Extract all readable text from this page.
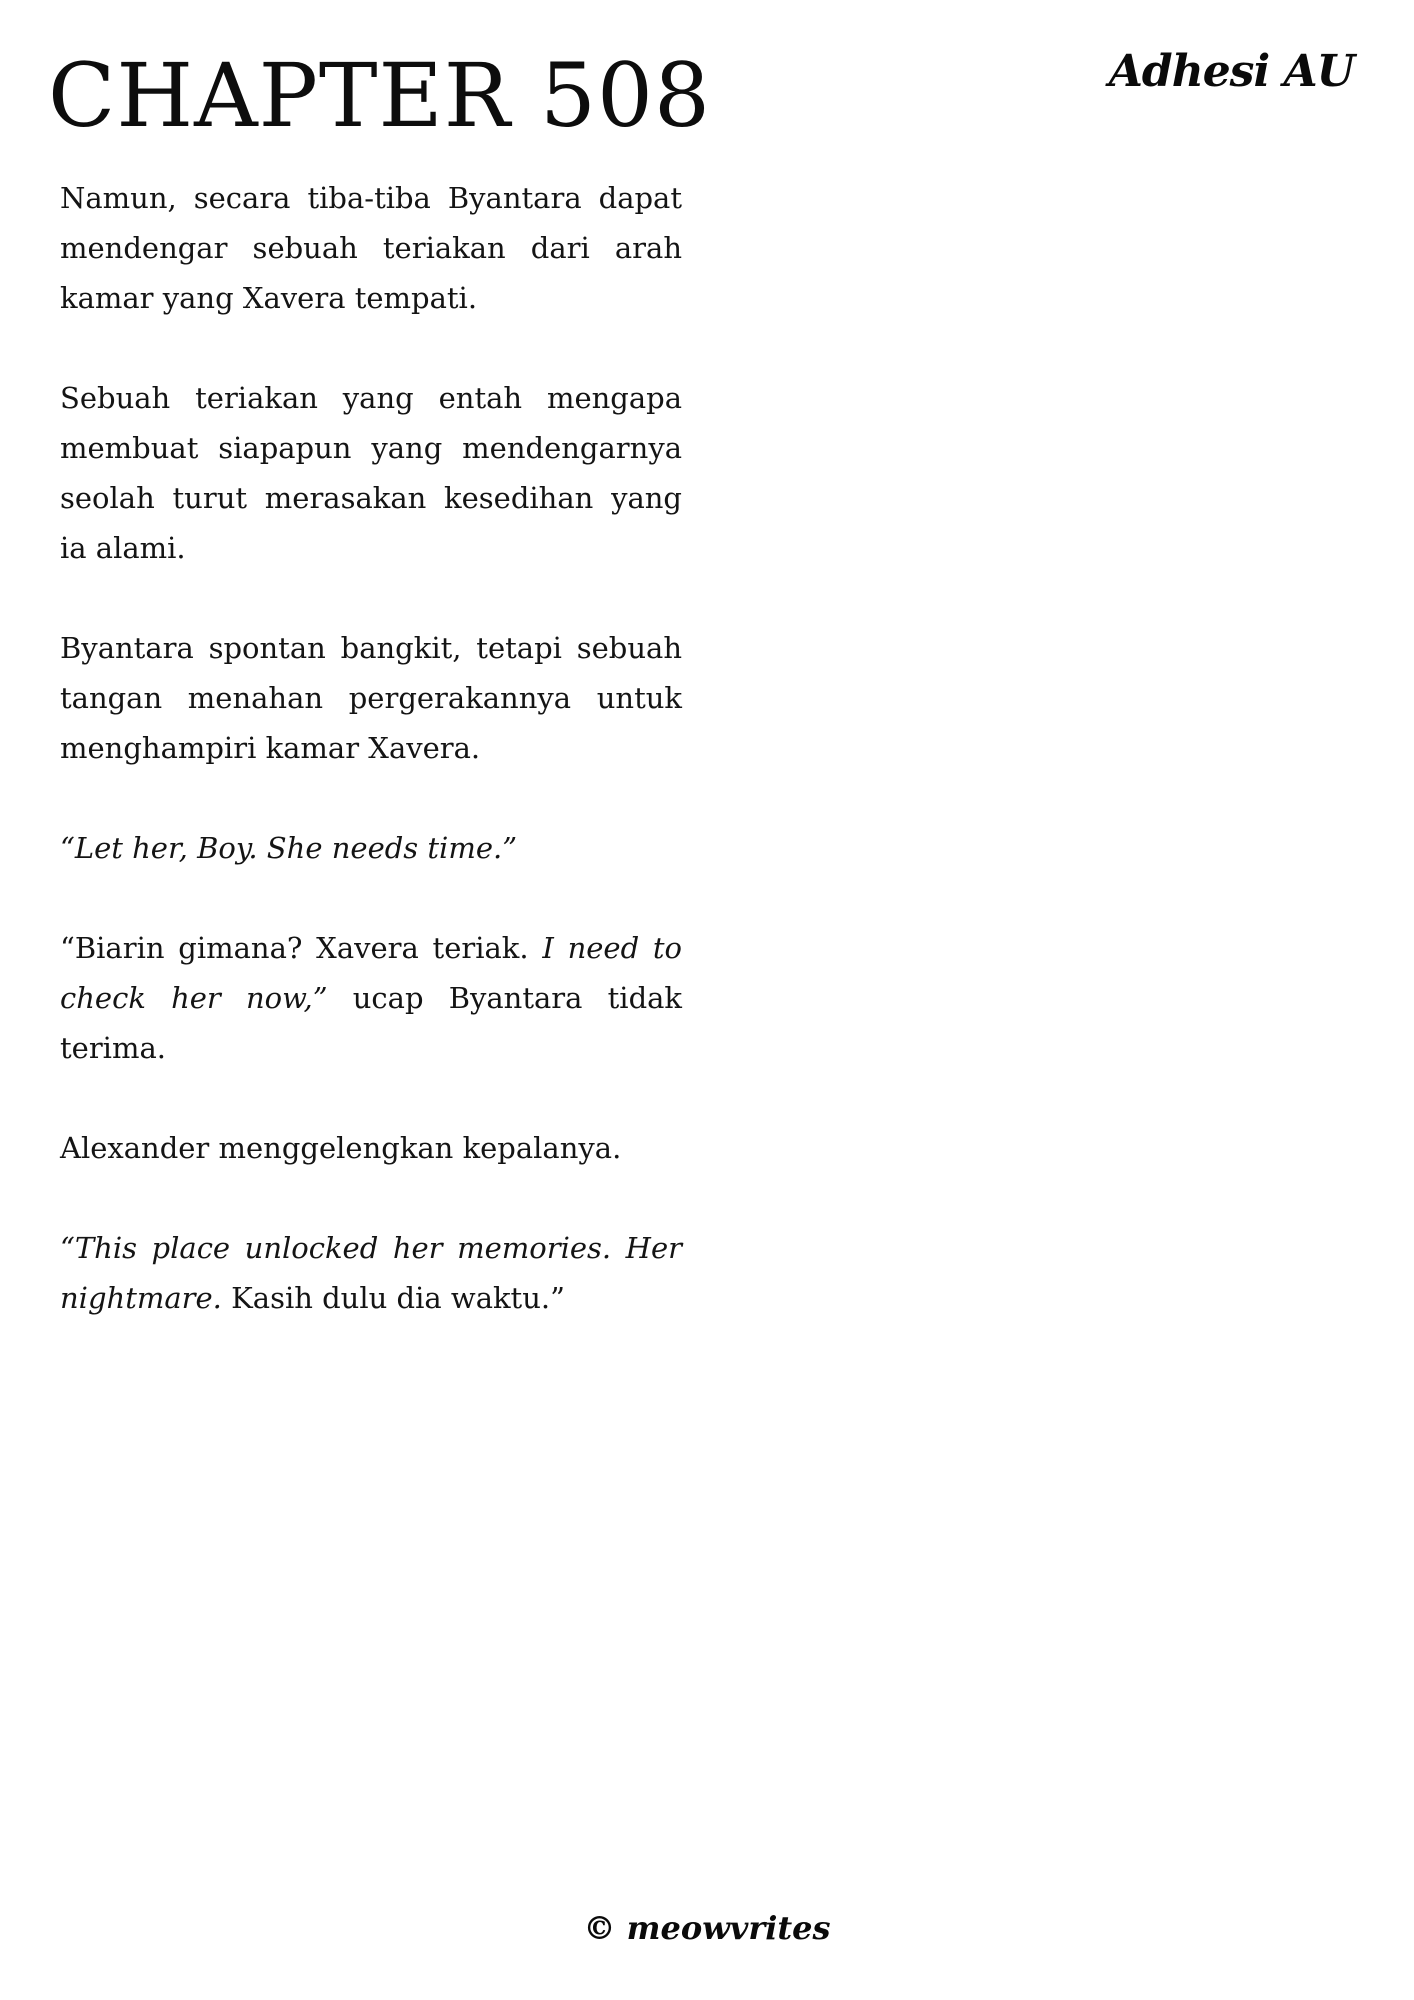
CHAPTER 508	Adhesi AU

Namun, secara tiba-tiba Byantara dapat mendengar sebuah teriakan dari arah kamar yang Xavera tempati.

Sebuah teriakan yang entah mengapa membuat siapapun yang mendengarnya seolah turut merasakan kesedihan yang ia alami.

Byantara spontan bangkit, tetapi sebuah tangan menahan pergerakannya untuk menghampiri kamar Xavera.

“Let her, Boy. She needs time.”

“Biarin gimana? Xavera teriak. I need to check her now,” ucap Byantara tidak terima.

Alexander menggelengkan kepalanya.

“This place unlocked her memories. Her nightmare. Kasih dulu dia waktu.”

© meowvrites
